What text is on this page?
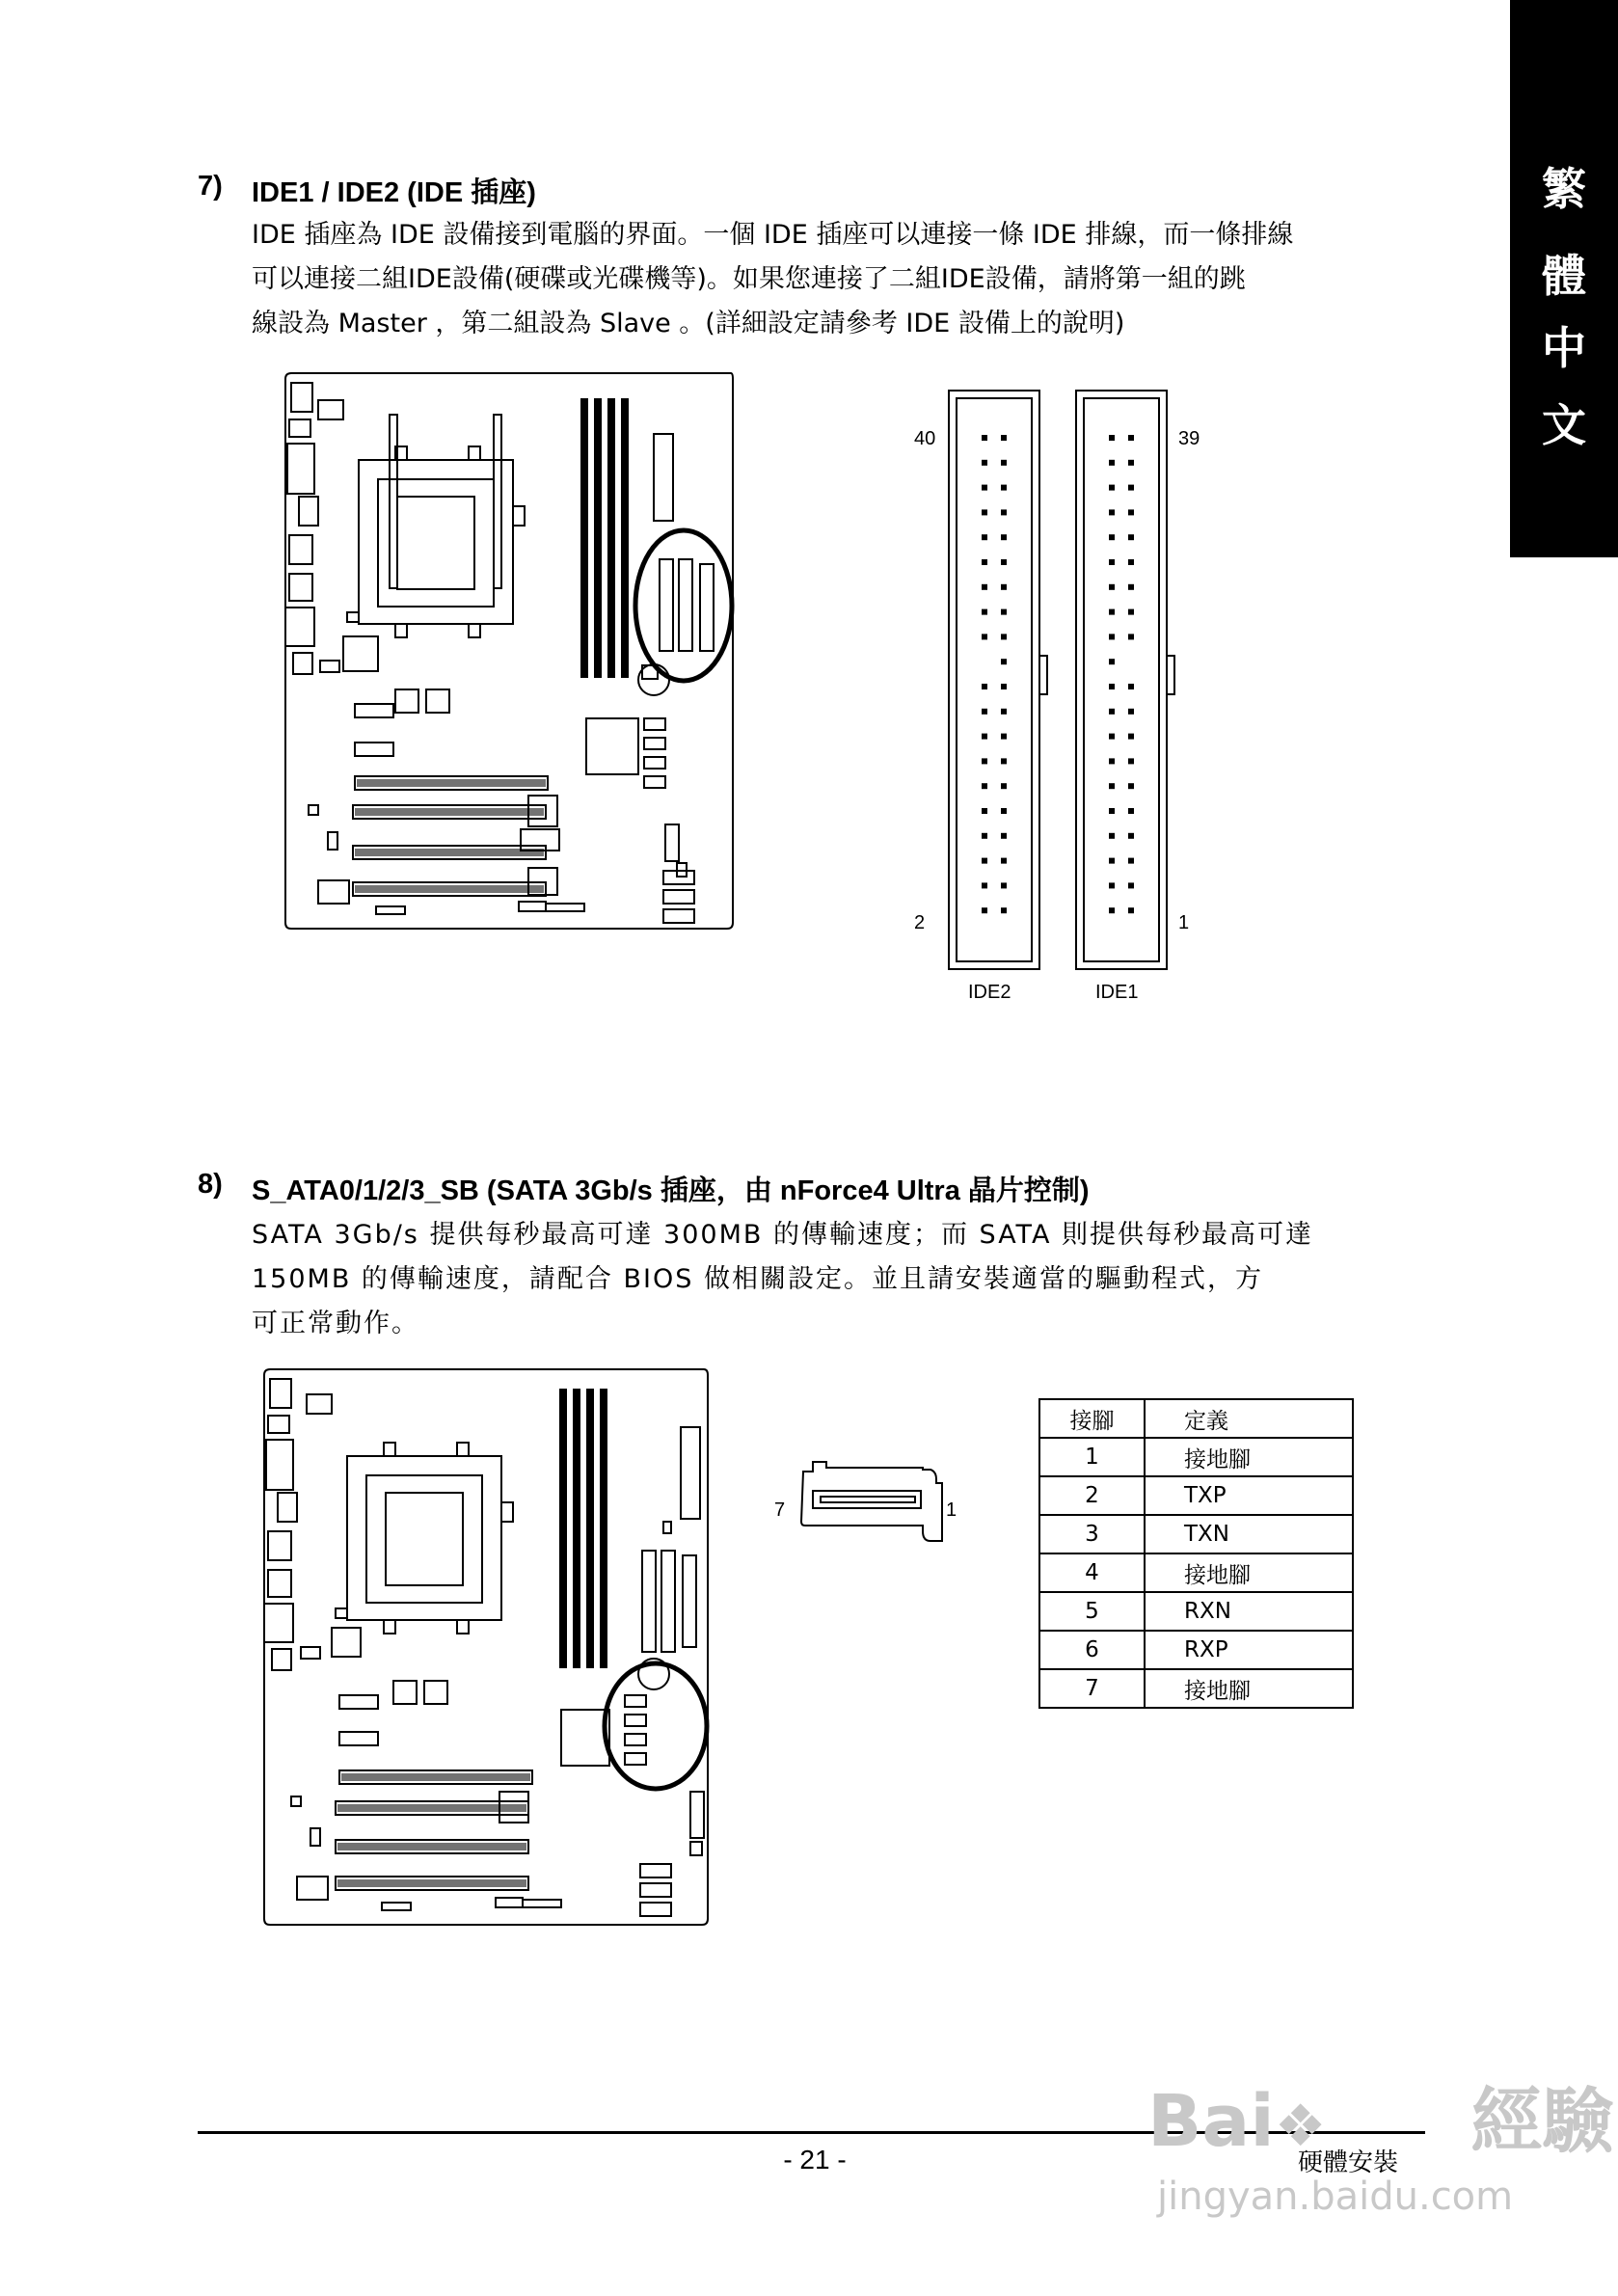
繁
體
中
文
7) IDE1 / IDE2 (IDE 插座)
IDE 插座為 IDE 設備接到電腦的界面。一個 IDE 插座可以連接一條 IDE 排線，而一條排線
可以連接二組IDE設備(硬碟或光碟機等)。如果您連接了二組IDE設備，請將第一組的跳
線設為 Master ，第二組設為 Slave 。(詳細設定請參考 IDE 設備上的說明)
40	39
2	1
IDE2	IDE1
8) S_ATA0/1/2/3_SB (SATA 3Gb/s 插座，由 nForce4 Ultra 晶片控制)
SATA 3Gb/s 提供每秒最高可達 300MB 的傳輸速度；而 SATA 則提供每秒最高可達
150MB 的傳輸速度，請配合 BIOS 做相關設定。並且請安裝適當的驅動程式，方
可正常動作。
7	1
接腳	定義
1	接地腳
2	TXP
3	TXN
4	接地腳
5	RXN
6	RXP
7	接地腳
- 21 -	硬體安裝
Bai❖ 經驗
jingyan.baidu.com
